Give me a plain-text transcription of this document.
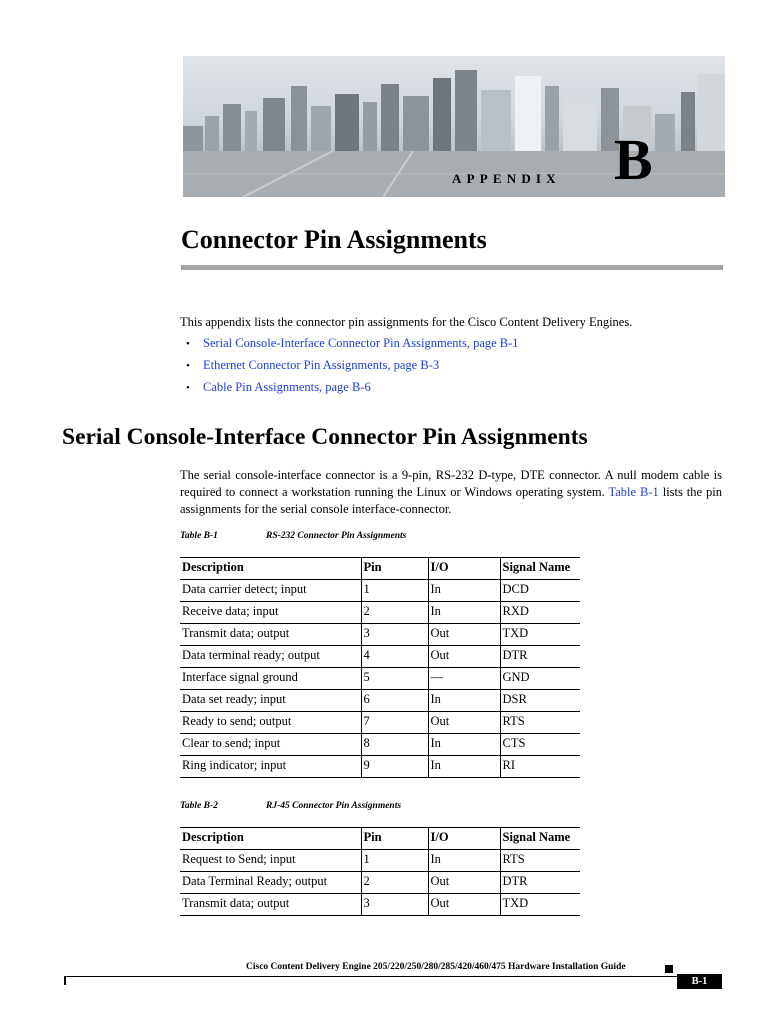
APPENDIX B
Connector Pin Assignments
This appendix lists the connector pin assignments for the Cisco Content Delivery Engines.
• Serial Console-Interface Connector Pin Assignments, page B-1
• Ethernet Connector Pin Assignments, page B-3
• Cable Pin Assignments, page B-6
Serial Console-Interface Connector Pin Assignments

The serial console-interface connector is a 9-pin, RS-232 D-type, DTE connector. A null modem cable is required to connect a workstation running the Linux or Windows operating system. Table B-1 lists the pin assignments for the serial console interface-connector.

Table B-1	RS-232 Connector Pin Assignments
Description	Pin	I/O	Signal Name
Data carrier detect; input	1	In	DCD
Receive data; input	2	In	RXD
Transmit data; output	3	Out	TXD
Data terminal ready; output	4	Out	DTR
Interface signal ground	5	—	GND
Data set ready; input	6	In	DSR
Ready to send; output	7	Out	RTS
Clear to send; input	8	In	CTS
Ring indicator; input	9	In	RI
Table B-2	RJ-45 Connector Pin Assignments
Description	Pin	I/O	Signal Name
Request to Send; input	1	In	RTS
Data Terminal Ready; output	2	Out	DTR
Transmit data; output	3	Out	TXD
Cisco Content Delivery Engine 205/220/250/280/285/420/460/475 Hardware Installation Guide
B-1
